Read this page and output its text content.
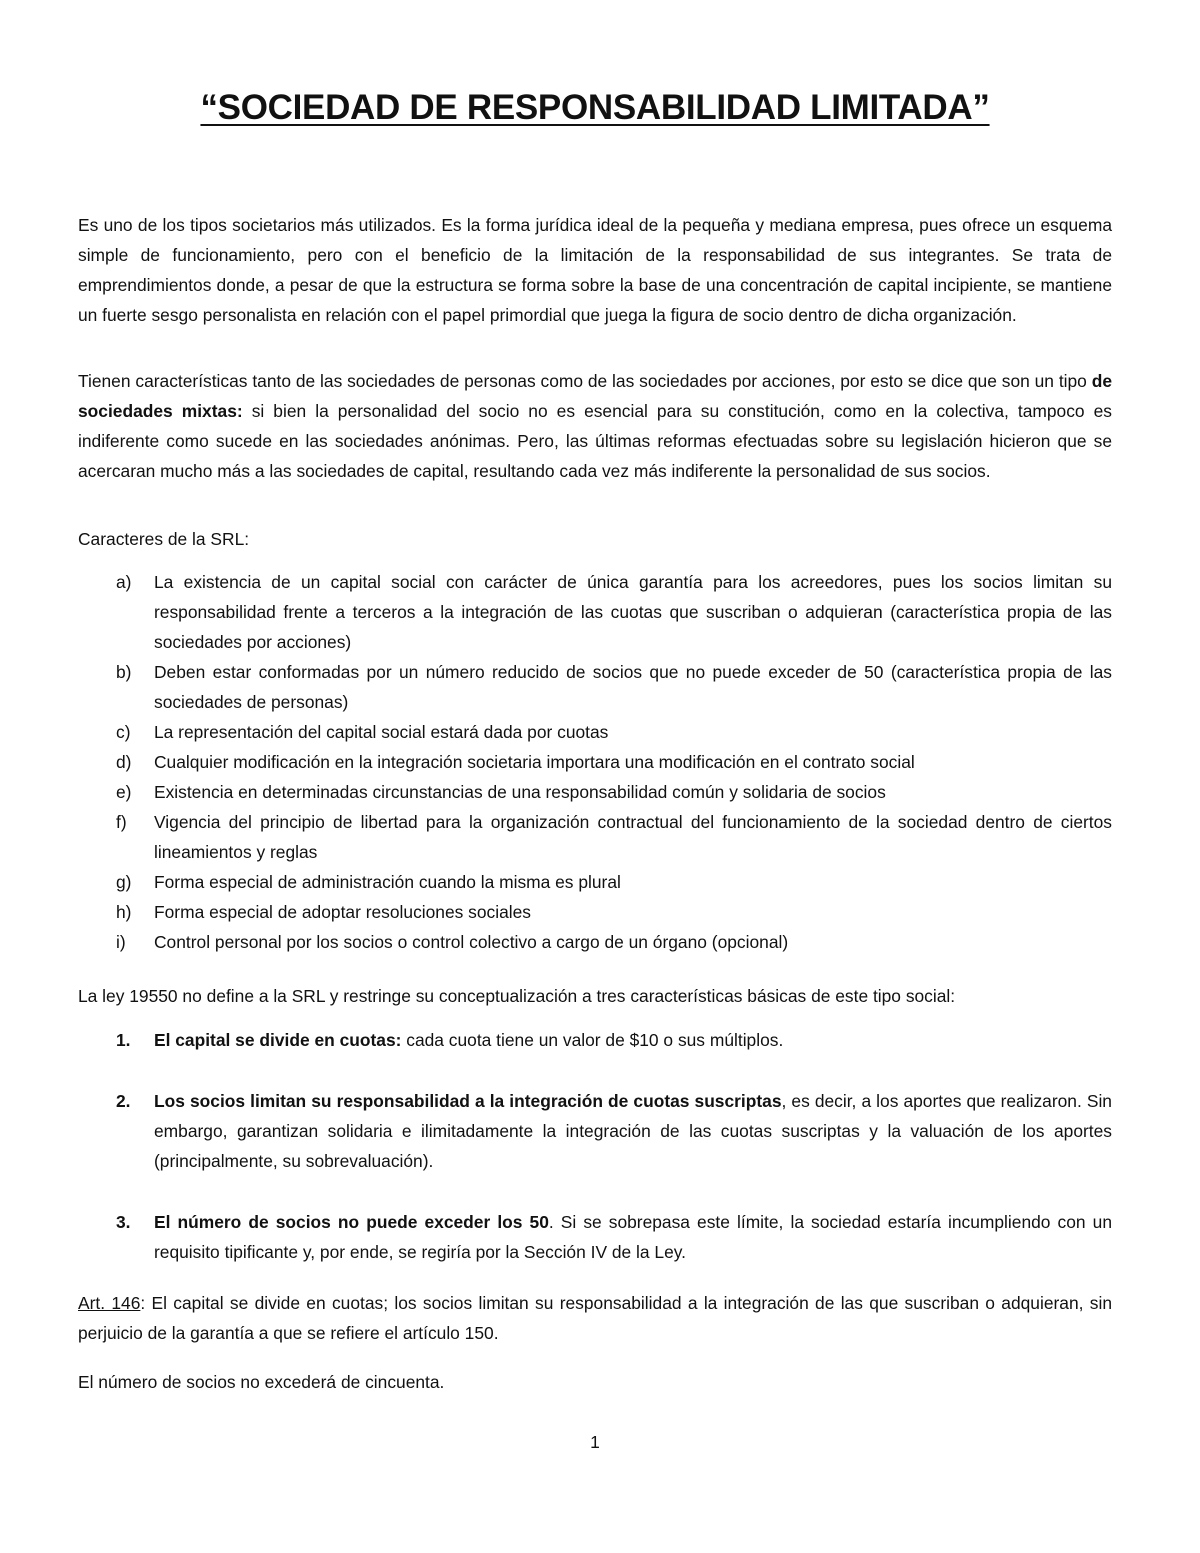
“SOCIEDAD DE RESPONSABILIDAD LIMITADA”

Es uno de los tipos societarios más utilizados. Es la forma jurídica ideal de la pequeña y mediana empresa, pues ofrece un esquema simple de funcionamiento, pero con el beneficio de la limitación de la responsabilidad de sus integrantes. Se trata de emprendimientos donde, a pesar de que la estructura se forma sobre la base de una concentración de capital incipiente, se mantiene un fuerte sesgo personalista en relación con el papel primordial que juega la figura de socio dentro de dicha organización.

Tienen características tanto de las sociedades de personas como de las sociedades por acciones, por esto se dice que son un tipo de sociedades mixtas: si bien la personalidad del socio no es esencial para su constitución, como en la colectiva, tampoco es indiferente como sucede en las sociedades anónimas. Pero, las últimas reformas efectuadas sobre su legislación hicieron que se acercaran mucho más a las sociedades de capital, resultando cada vez más indiferente la personalidad de sus socios.

Caracteres de la SRL:

a) La existencia de un capital social con carácter de única garantía para los acreedores, pues los socios limitan su responsabilidad frente a terceros a la integración de las cuotas que suscriban o adquieran (característica propia de las sociedades por acciones)
b) Deben estar conformadas por un número reducido de socios que no puede exceder de 50 (característica propia de las sociedades de personas)
c) La representación del capital social estará dada por cuotas
d) Cualquier modificación en la integración societaria importara una modificación en el contrato social
e) Existencia en determinadas circunstancias de una responsabilidad común y solidaria de socios
f) Vigencia del principio de libertad para la organización contractual del funcionamiento de la sociedad dentro de ciertos lineamientos y reglas
g) Forma especial de administración cuando la misma es plural
h) Forma especial de adoptar resoluciones sociales
i) Control personal por los socios o control colectivo a cargo de un órgano (opcional)

La ley 19550 no define a la SRL y restringe su conceptualización a tres características básicas de este tipo social:

1. El capital se divide en cuotas: cada cuota tiene un valor de $10 o sus múltiplos.
2. Los socios limitan su responsabilidad a la integración de cuotas suscriptas, es decir, a los aportes que realizaron. Sin embargo, garantizan solidaria e ilimitadamente la integración de las cuotas suscriptas y la valuación de los aportes (principalmente, su sobrevaluación).
3. El número de socios no puede exceder los 50. Si se sobrepasa este límite, la sociedad estaría incumpliendo con un requisito tipificante y, por ende, se regiría por la Sección IV de la Ley.

Art. 146: El capital se divide en cuotas; los socios limitan su responsabilidad a la integración de las que suscriban o adquieran, sin perjuicio de la garantía a que se refiere el artículo 150.

El número de socios no excederá de cincuenta.

1
